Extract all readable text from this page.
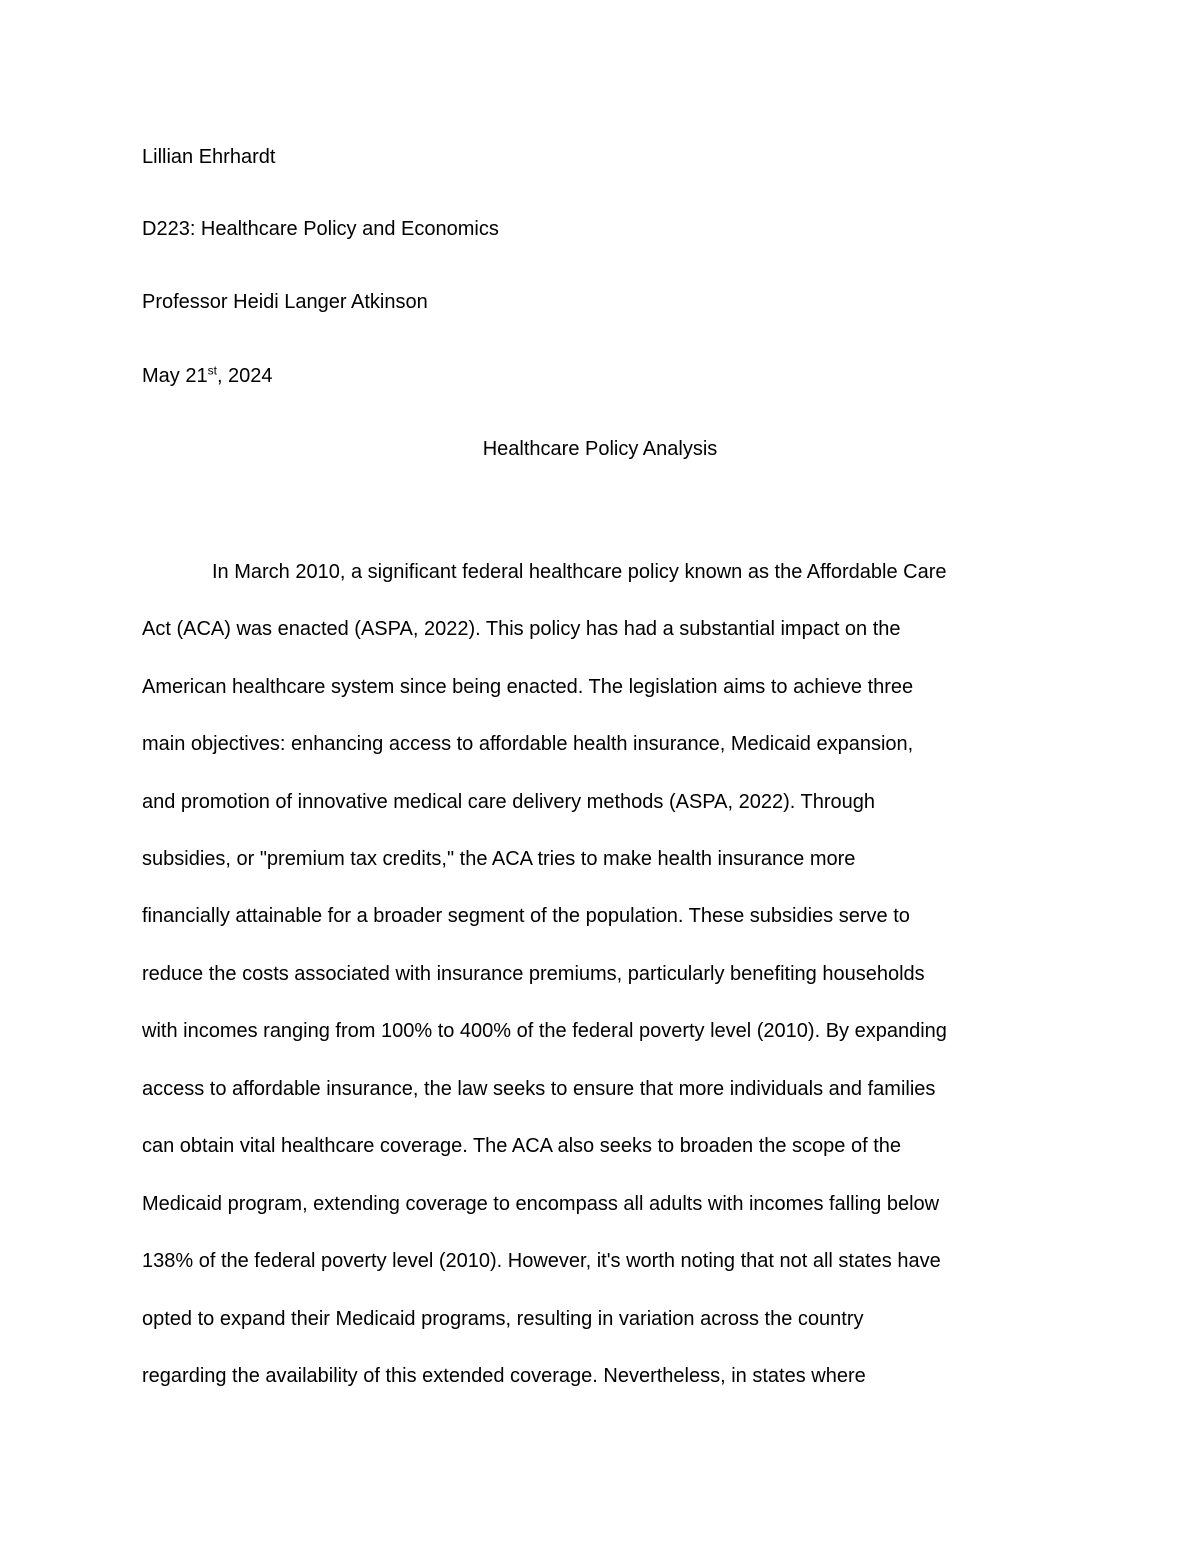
Lillian Ehrhardt
D223: Healthcare Policy and Economics
Professor Heidi Langer Atkinson
May 21st, 2024
Healthcare Policy Analysis
In March 2010, a significant federal healthcare policy known as the Affordable Care
Act (ACA) was enacted (ASPA, 2022). This policy has had a substantial impact on the
American healthcare system since being enacted. The legislation aims to achieve three
main objectives: enhancing access to affordable health insurance, Medicaid expansion,
and promotion of innovative medical care delivery methods (ASPA, 2022). Through
subsidies, or "premium tax credits," the ACA tries to make health insurance more
financially attainable for a broader segment of the population. These subsidies serve to
reduce the costs associated with insurance premiums, particularly benefiting households
with incomes ranging from 100% to 400% of the federal poverty level (2010). By expanding
access to affordable insurance, the law seeks to ensure that more individuals and families
can obtain vital healthcare coverage. The ACA also seeks to broaden the scope of the
Medicaid program, extending coverage to encompass all adults with incomes falling below
138% of the federal poverty level (2010). However, it's worth noting that not all states have
opted to expand their Medicaid programs, resulting in variation across the country
regarding the availability of this extended coverage. Nevertheless, in states where
